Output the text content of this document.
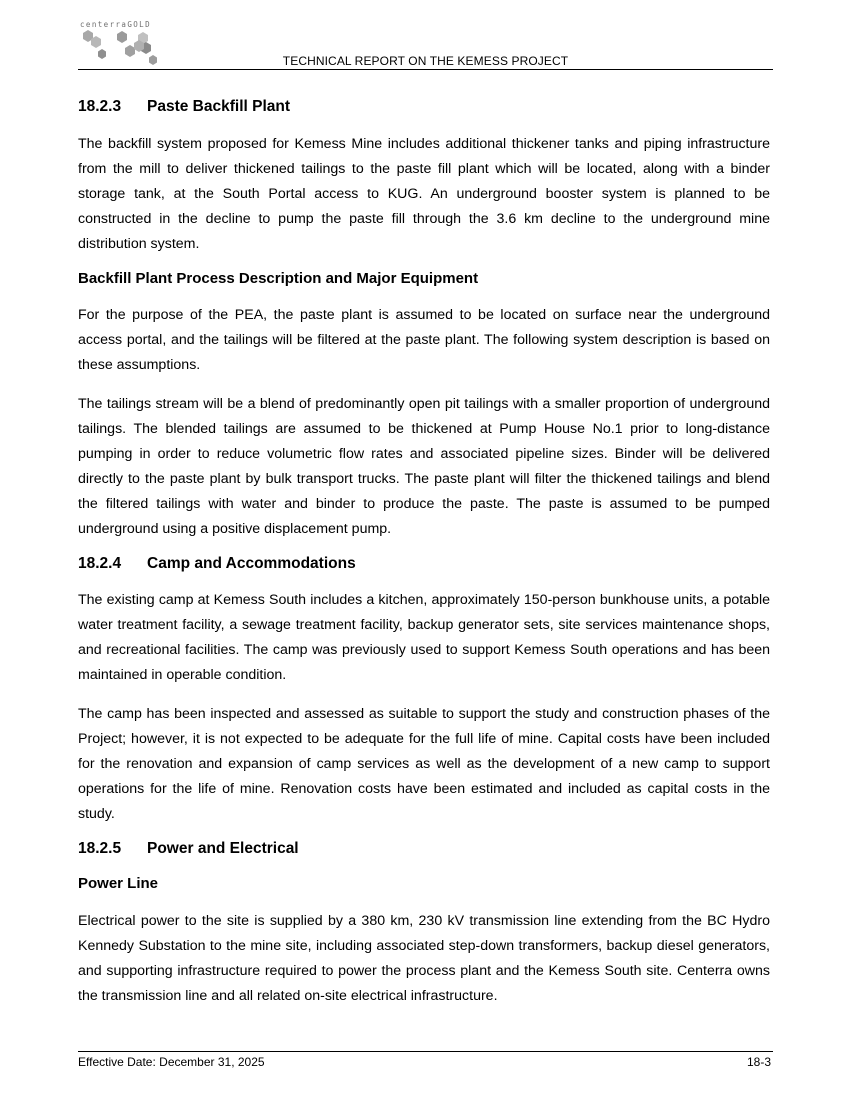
centerraGOLD
TECHNICAL REPORT ON THE KEMESS PROJECT
18.2.3 Paste Backfill Plant

The backfill system proposed for Kemess Mine includes additional thickener tanks and piping infrastructure from the mill to deliver thickened tailings to the paste fill plant which will be located, along with a binder storage tank, at the South Portal access to KUG. An underground booster system is planned to be constructed in the decline to pump the paste fill through the 3.6 km decline to the underground mine distribution system.

Backfill Plant Process Description and Major Equipment

For the purpose of the PEA, the paste plant is assumed to be located on surface near the underground access portal, and the tailings will be filtered at the paste plant. The following system description is based on these assumptions.

The tailings stream will be a blend of predominantly open pit tailings with a smaller proportion of underground tailings. The blended tailings are assumed to be thickened at Pump House No.1 prior to long-distance pumping in order to reduce volumetric flow rates and associated pipeline sizes. Binder will be delivered directly to the paste plant by bulk transport trucks. The paste plant will filter the thickened tailings and blend the filtered tailings with water and binder to produce the paste. The paste is assumed to be pumped underground using a positive displacement pump.

18.2.4 Camp and Accommodations

The existing camp at Kemess South includes a kitchen, approximately 150-person bunkhouse units, a potable water treatment facility, a sewage treatment facility, backup generator sets, site services maintenance shops, and recreational facilities. The camp was previously used to support Kemess South operations and has been maintained in operable condition.

The camp has been inspected and assessed as suitable to support the study and construction phases of the Project; however, it is not expected to be adequate for the full life of mine. Capital costs have been included for the renovation and expansion of camp services as well as the development of a new camp to support operations for the life of mine. Renovation costs have been estimated and included as capital costs in the study.

18.2.5 Power and Electrical
Power Line

Electrical power to the site is supplied by a 380 km, 230 kV transmission line extending from the BC Hydro Kennedy Substation to the mine site, including associated step-down transformers, backup diesel generators, and supporting infrastructure required to power the process plant and the Kemess South site. Centerra owns the transmission line and all related on-site electrical infrastructure.

Effective Date: December 31, 2025	18-3
